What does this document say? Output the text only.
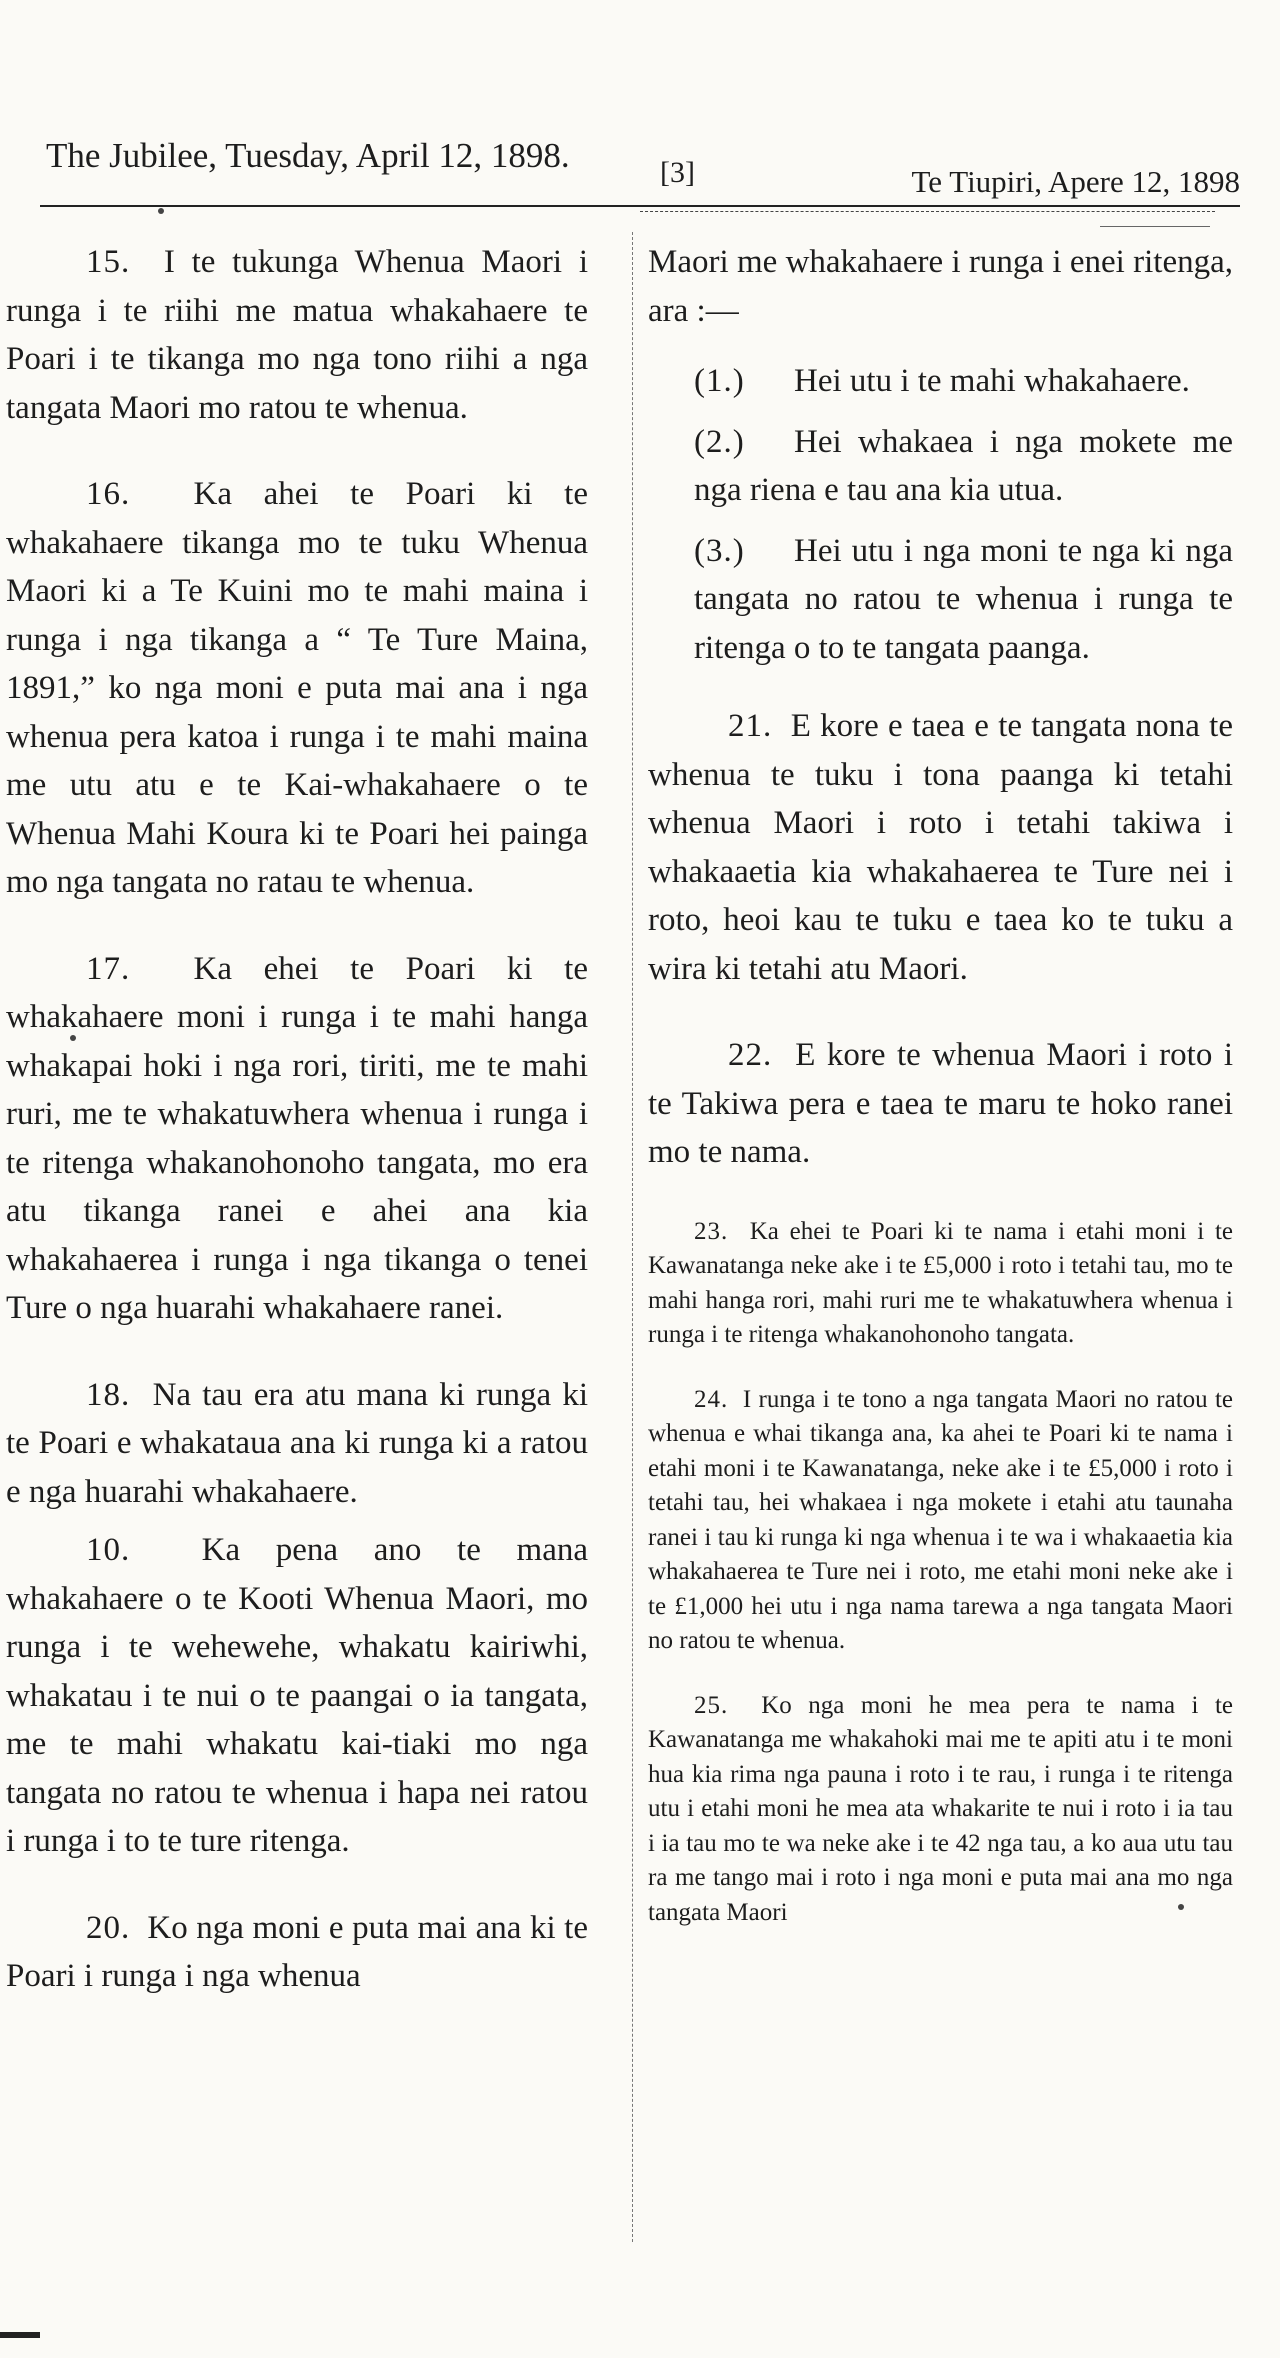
The Jubilee, Tuesday, April 12, 1898.	[3]	Te Tiupiri, Apere 12, 1898

15. I te tukunga Whenua Maori i runga i te riihi me matua whakahaere te Poari i te tikanga mo nga tono riihi a nga tangata Maori mo ratou te whenua.

16. Ka ahei te Poari ki te whakahaere tikanga mo te tuku Whenua Maori ki a Te Kuini mo te mahi maina i runga i nga tikanga a “ Te Ture Maina, 1891,” ko nga moni e puta mai ana i nga whenua pera katoa i runga i te mahi maina me utu atu e te Kai-whakahaere o te Whenua Mahi Koura ki te Poari hei painga mo nga tangata no ratau te whenua.

17. Ka ehei te Poari ki te whakahaere moni i runga i te mahi hanga whakapai hoki i nga rori, tiriti, me te mahi ruri, me te whakatuwhera whenua i runga i te ritenga whakanohonoho tangata, mo era atu tikanga ranei e ahei ana kia whakahaerea i runga i nga tikanga o tenei Ture o nga huarahi whakahaere ranei.

18. Na tau era atu mana ki runga ki te Poari e whakataua ana ki runga ki a ratou e nga huarahi whakahaere.

10. Ka pena ano te mana whakahaere o te Kooti Whenua Maori, mo runga i te wehewehe, whakatu kairiwhi, whakatau i te nui o te paangai o ia tangata, me te mahi whakatu kai-tiaki mo nga tangata no ratou te whenua i hapa nei ratou i runga i to te ture ritenga.

20. Ko nga moni e puta mai ana ki te Poari i runga i nga whenua

Maori me whakahaere i runga i enei ritenga, ara :—

(1.) Hei utu i te mahi whakahaere.

(2.) Hei whakaea i nga mokete me nga riena e tau ana kia utua.

(3.) Hei utu i nga moni te nga ki nga tangata no ratou te whenua i runga te ritenga o to te tangata paanga.

21. E kore e taea e te tangata nona te whenua te tuku i tona paanga ki tetahi whenua Maori i roto i tetahi takiwa i whakaaetia kia whakahaerea te Ture nei i roto, heoi kau te tuku e taea ko te tuku a wira ki tetahi atu Maori.

22. E kore te whenua Maori i roto i te Takiwa pera e taea te maru te hoko ranei mo te nama.

23. Ka ehei te Poari ki te nama i etahi moni i te Kawanatanga neke ake i te £5,000 i roto i tetahi tau, mo te mahi hanga rori, mahi ruri me te whakatuwhera whenua i runga i te ritenga whakanohonoho tangata.

24. I runga i te tono a nga tangata Maori no ratou te whenua e whai tikanga ana, ka ahei te Poari ki te nama i etahi moni i te Kawanatanga, neke ake i te £5,000 i roto i tetahi tau, hei whakaea i nga mokete i etahi atu taunaha ranei i tau ki runga ki nga whenua i te wa i whakaaetia kia whakahaerea te Ture nei i roto, me etahi moni neke ake i te £1,000 hei utu i nga nama tarewa a nga tangata Maori no ratou te whenua.

25. Ko nga moni he mea pera te nama i te Kawanatanga me whakahoki mai me te apiti atu i te moni hua kia rima nga pauna i roto i te rau, i runga i te ritenga utu i etahi moni he mea ata whakarite te nui i roto i ia tau i ia tau mo te wa neke ake i te 42 nga tau, a ko aua utu tau ra me tango mai i roto i nga moni e puta mai ana mo nga tangata Maori
